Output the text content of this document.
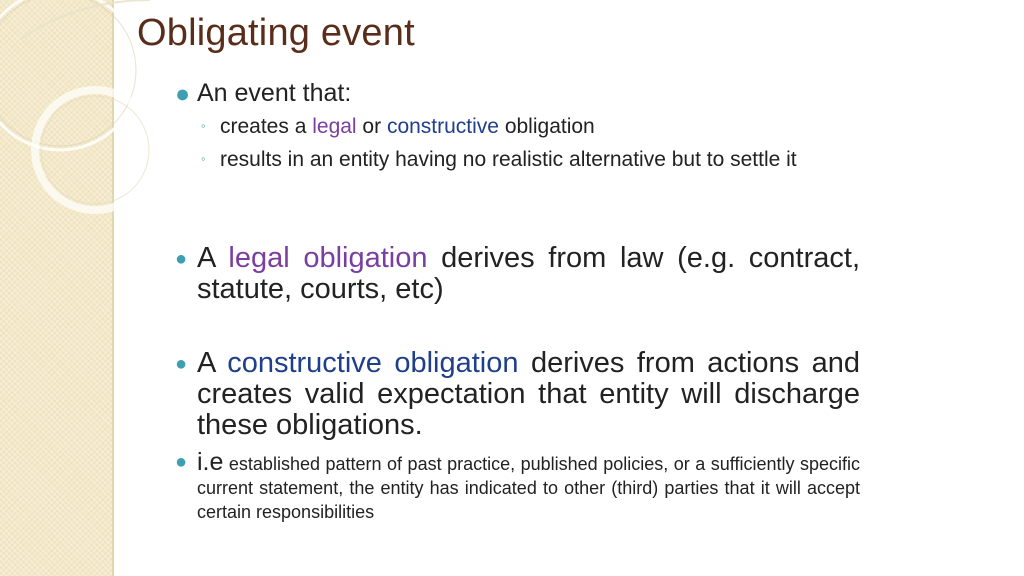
Obligating event
● An event that:
◦ creates a legal or constructive obligation
◦ results in an entity having no realistic alternative but to settle it
● A legal obligation derives from law (e.g. contract, statute, courts, etc)
● A constructive obligation derives from actions and creates valid expectation that entity will discharge these obligations.
● i.e established pattern of past practice, published policies, or a sufficiently specific current statement, the entity has indicated to other (third) parties that it will accept certain responsibilities
